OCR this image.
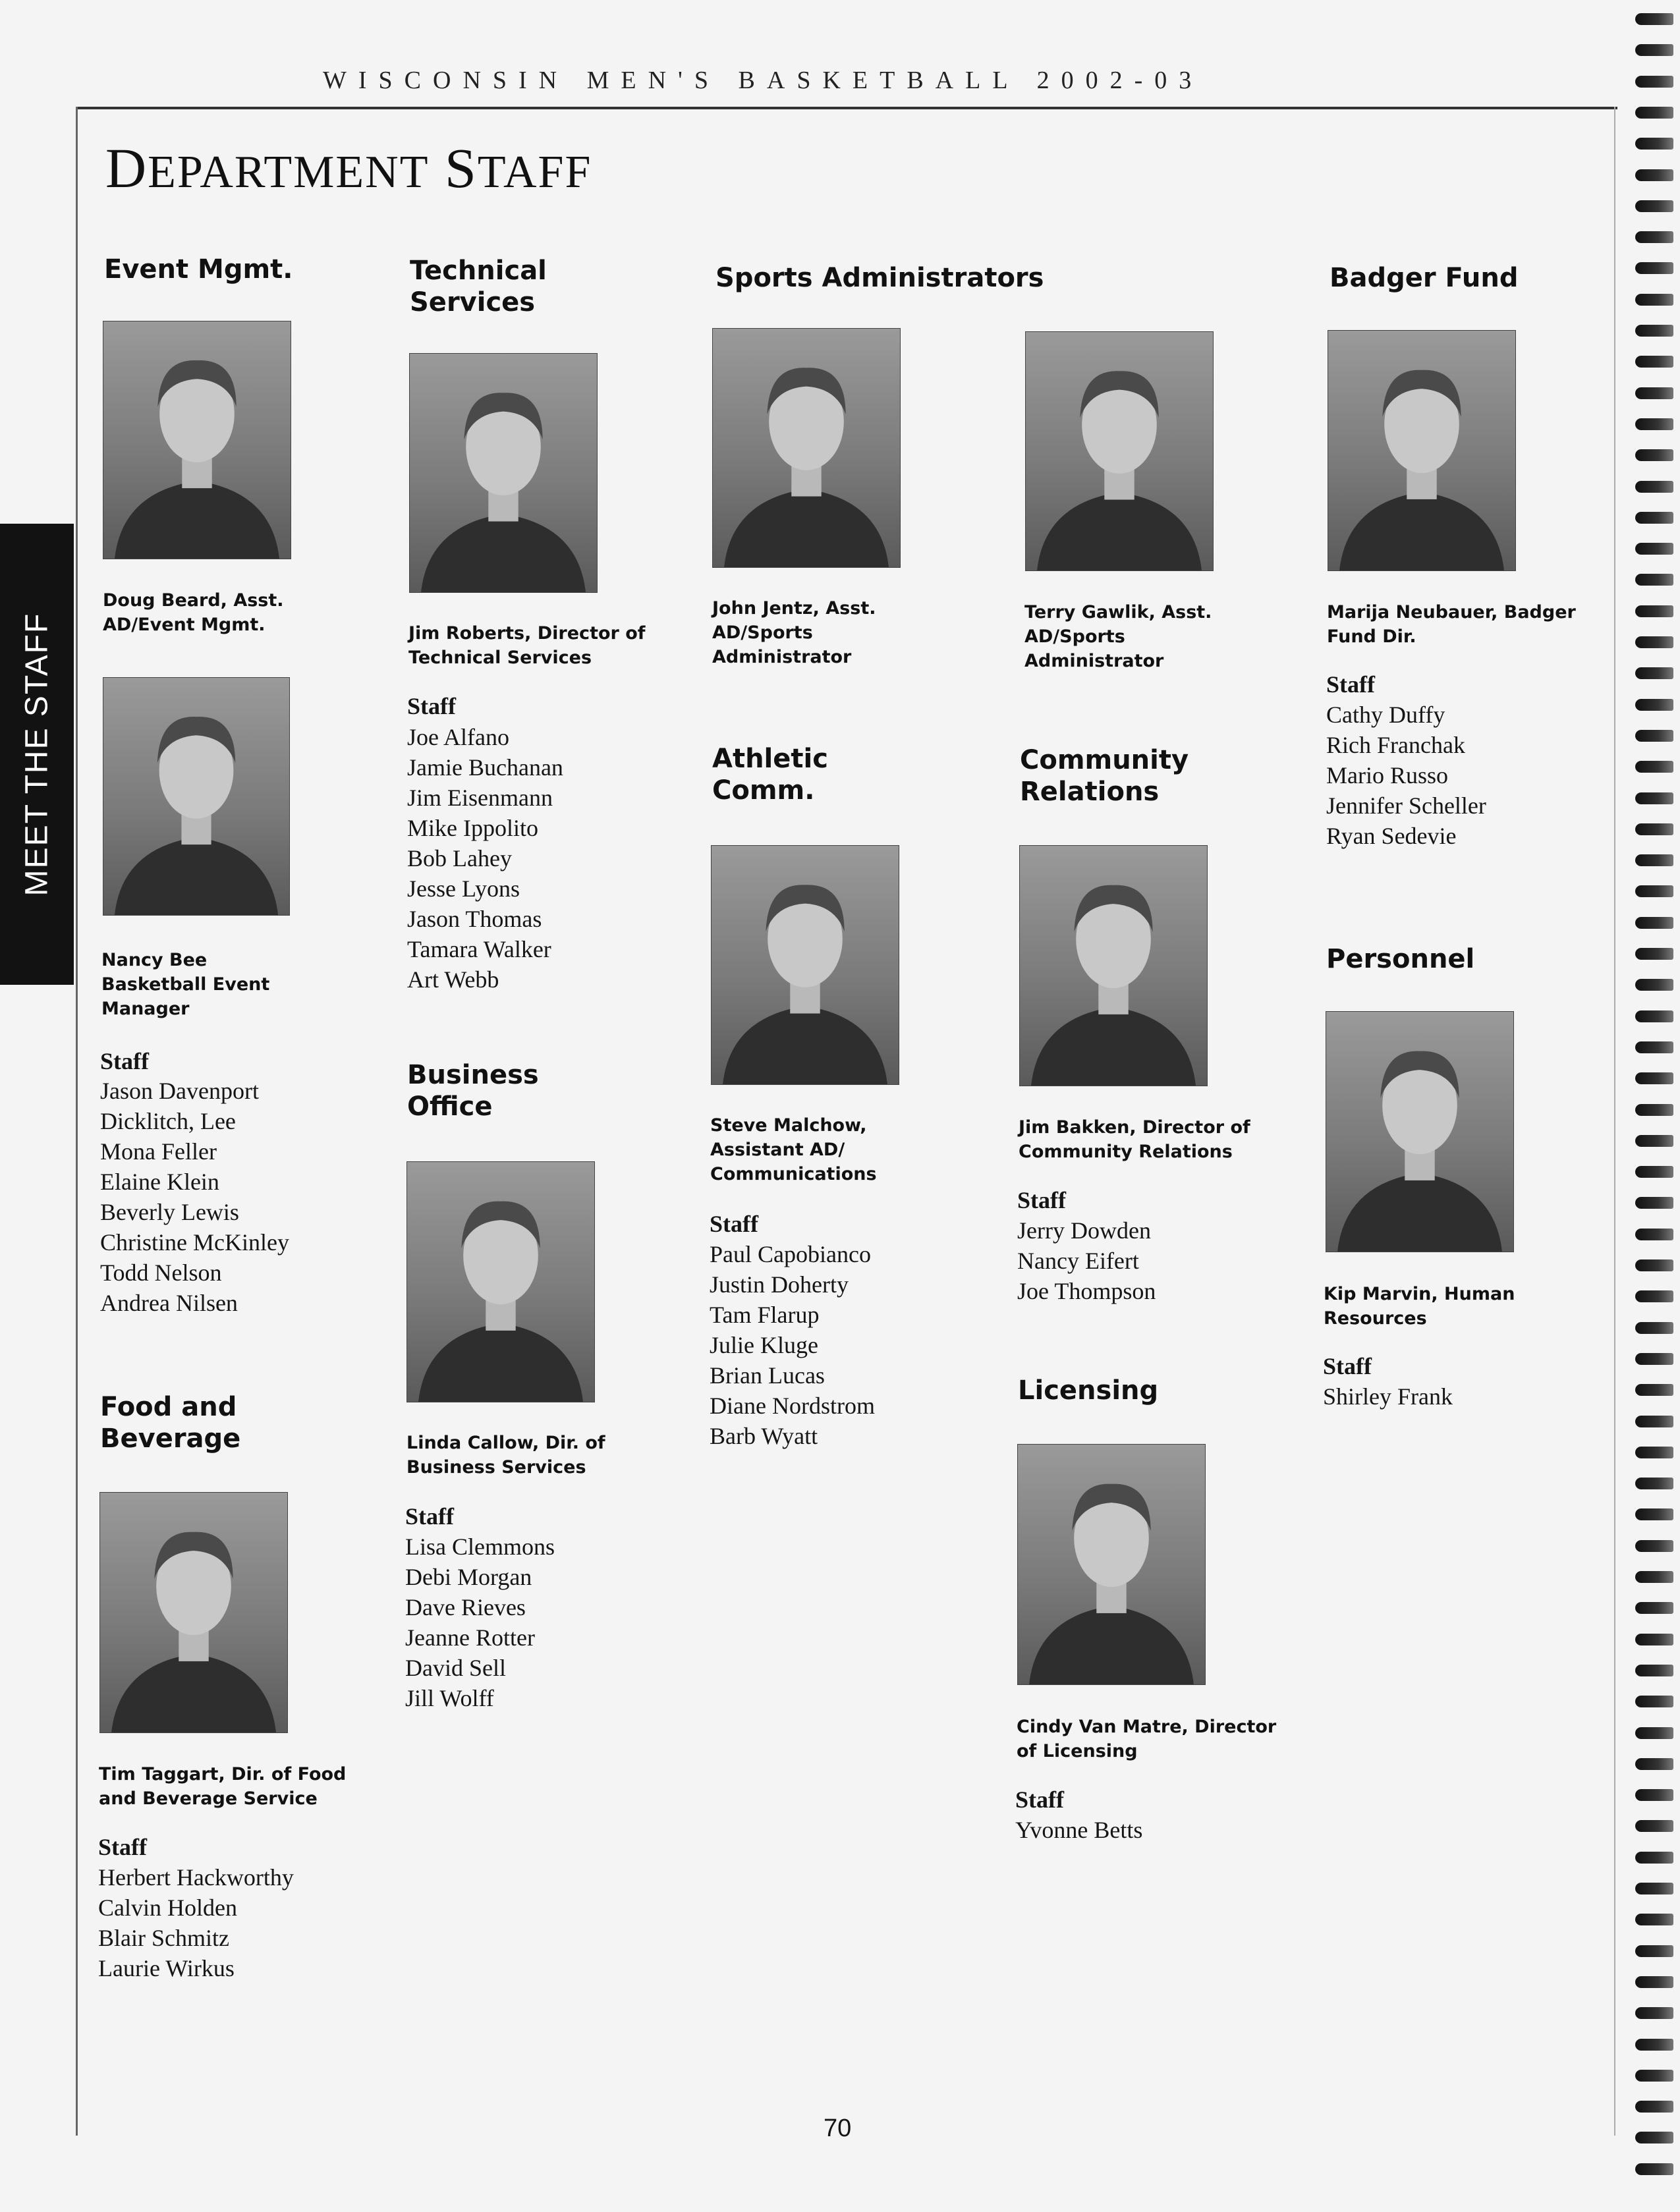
WISCONSIN MEN'S BASKETBALL 2002-03
DEPARTMENT STAFF
MEET THE STAFF
Event Mgmt.
Doug Beard, Asst. AD/Event Mgmt.
Nancy Bee Basketball Event Manager
Staff
Jason Davenport
Dicklitch, Lee
Mona Feller
Elaine Klein
Beverly Lewis
Christine McKinley
Todd Nelson
Andrea Nilsen
Food and Beverage
Tim Taggart, Dir. of Food and Beverage Service
Staff
Herbert Hackworthy
Calvin Holden
Blair Schmitz
Laurie Wirkus
Technical Services
Jim Roberts, Director of Technical Services
Staff
Joe Alfano
Jamie Buchanan
Jim Eisenmann
Mike Ippolito
Bob Lahey
Jesse Lyons
Jason Thomas
Tamara Walker
Art Webb
Business Office
Linda Callow, Dir. of Business Services
Staff
Lisa Clemmons
Debi Morgan
Dave Rieves
Jeanne Rotter
David Sell
Jill Wolff
Sports Administrators
John Jentz, Asst. AD/Sports Administrator
Terry Gawlik, Asst. AD/Sports Administrator
Athletic Comm.
Steve Malchow, Assistant AD/ Communications
Staff
Paul Capobianco
Justin Doherty
Tam Flarup
Julie Kluge
Brian Lucas
Diane Nordstrom
Barb Wyatt
Community Relations
Jim Bakken, Director of Community Relations
Staff
Jerry Dowden
Nancy Eifert
Joe Thompson
Licensing
Cindy Van Matre, Director of Licensing
Staff
Yvonne Betts
Badger Fund
Marija Neubauer, Badger Fund Dir.
Staff
Cathy Duffy
Rich Franchak
Mario Russo
Jennifer Scheller
Ryan Sedevie
Personnel
Kip Marvin, Human Resources
Staff
Shirley Frank
70
